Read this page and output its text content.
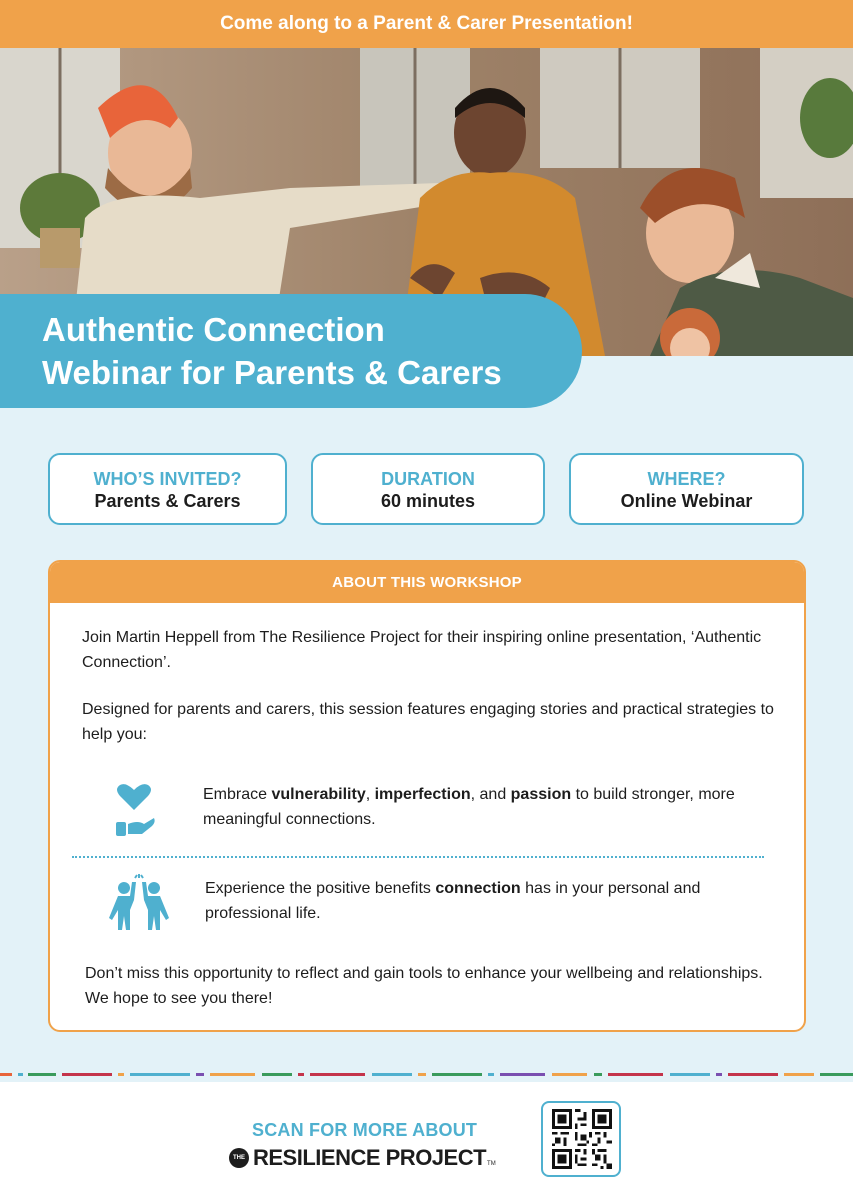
Come along to a Parent & Carer Presentation!
Authentic Connection
Webinar for Parents & Carers
WHO’S INVITED?
Parents & Carers
DURATION
60 minutes
WHERE?
Online Webinar
ABOUT THIS WORKSHOP
Join Martin Heppell from The Resilience Project for their inspiring online presentation, ‘Authentic Connection’.
Designed for parents and carers, this session features engaging stories and practical strategies to help you:
Embrace vulnerability, imperfection, and passion to build stronger, more meaningful connections.
Experience the positive benefits connection has in your personal and professional life.
Don’t miss this opportunity to reflect and gain tools to enhance your wellbeing and relationships. We hope to see you there!
SCAN FOR MORE ABOUT
THE RESILIENCE PROJECT TM
